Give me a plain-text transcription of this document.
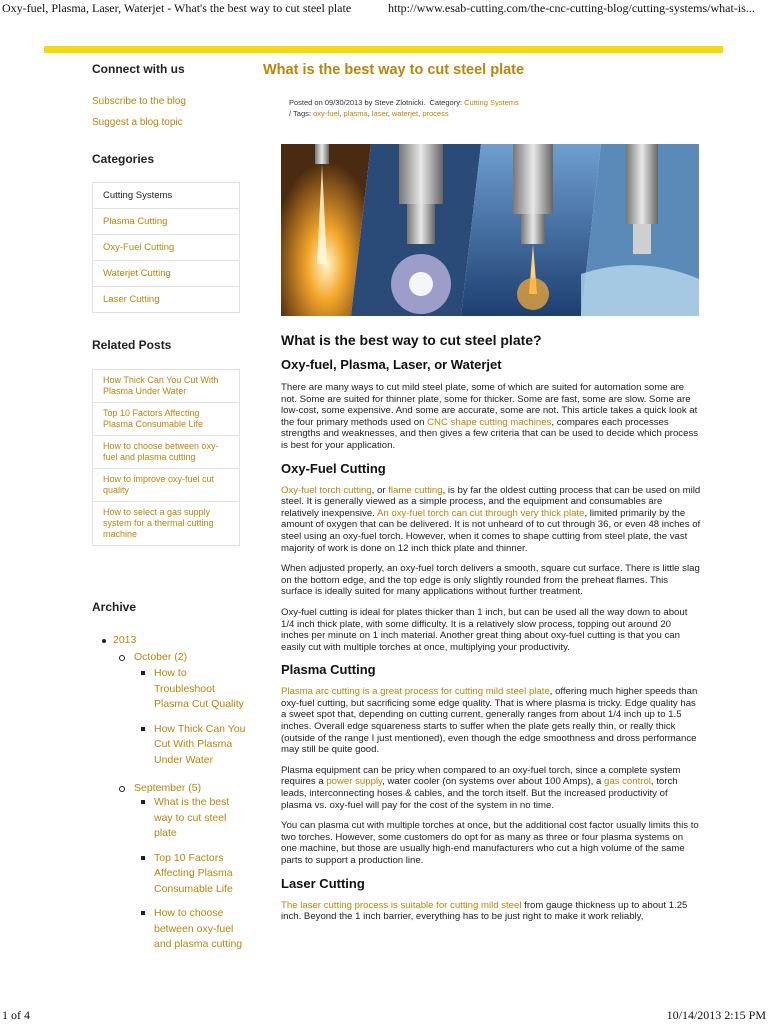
Oxy-fuel, Plasma, Laser, Waterjet - What's the best way to cut steel plate	http://www.esab-cutting.com/the-cnc-cutting-blog/cutting-systems/what-is...
Connect with us
Subscribe to the blog
Suggest a blog topic
Categories
Cutting Systems
Plasma Cutting
Oxy-Fuel Cutting
Waterjet Cutting
Laser Cutting
Related Posts
How Thick Can You Cut With Plasma Under Water
Top 10 Factors Affecting Plasma Consumable Life
How to choose between oxy-fuel and plasma cutting
How to improve oxy-fuel cut quality
How to select a gas supply system for a thermal cutting machine
Archive
2013
October (2)
How to Troubleshoot Plasma Cut Quality
How Thick Can You Cut With Plasma Under Water
September (5)
What is the best way to cut steel plate
Top 10 Factors Affecting Plasma Consumable Life
How to choose between oxy-fuel and plasma cutting
What is the best way to cut steel plate
Posted on 09/30/2013 by Steve Zlotnicki. Category: Cutting Systems
/ Tags: oxy-fuel, plasma, laser, waterjet, process
What is the best way to cut steel plate?
Oxy-fuel, Plasma, Laser, or Waterjet

There are many ways to cut mild steel plate, some of which are suited for automation some are not. Some are suited for thinner plate, some for thicker. Some are fast, some are slow. Some are low-cost, some expensive. And some are accurate, some are not. This article takes a quick look at the four primary methods used on CNC shape cutting machines, compares each processes strengths and weaknesses, and then gives a few criteria that can be used to decide which process is best for your application.

Oxy-Fuel Cutting

Oxy-fuel torch cutting, or flame cutting, is by far the oldest cutting process that can be used on mild steel. It is generally viewed as a simple process, and the equipment and consumables are relatively inexpensive. An oxy-fuel torch can cut through very thick plate, limited primarily by the amount of oxygen that can be delivered. It is not unheard of to cut through 36, or even 48 inches of steel using an oxy-fuel torch. However, when it comes to shape cutting from steel plate, the vast majority of work is done on 12 inch thick plate and thinner.

When adjusted properly, an oxy-fuel torch delivers a smooth, square cut surface. There is little slag on the bottom edge, and the top edge is only slightly rounded from the preheat flames. This surface is ideally suited for many applications without further treatment.

Oxy-fuel cutting is ideal for plates thicker than 1 inch, but can be used all the way down to about 1/4 inch thick plate, with some difficulty. It is a relatively slow process, topping out around 20 inches per minute on 1 inch material. Another great thing about oxy-fuel cutting is that you can easily cut with multiple torches at once, multiplying your productivity.

Plasma Cutting

Plasma arc cutting is a great process for cutting mild steel plate, offering much higher speeds than oxy-fuel cutting, but sacrificing some edge quality. That is where plasma is tricky. Edge quality has a sweet spot that, depending on cutting current, generally ranges from about 1/4 inch up to 1.5 inches. Overall edge squareness starts to suffer when the plate gets really thin, or really thick (outside of the range I just mentioned), even though the edge smoothness and dross performance may still be quite good.

Plasma equipment can be pricy when compared to an oxy-fuel torch, since a complete system requires a power supply, water cooler (on systems over about 100 Amps), a gas control, torch leads, interconnecting hoses & cables, and the torch itself. But the increased productivity of plasma vs. oxy-fuel will pay for the cost of the system in no time.

You can plasma cut with multiple torches at once, but the additional cost factor usually limits this to two torches. However, some customers do opt for as many as three or four plasma systems on one machine, but those are usually high-end manufacturers who cut a high volume of the same parts to support a production line.

Laser Cutting

The laser cutting process is suitable for cutting mild steel from gauge thickness up to about 1.25 inch. Beyond the 1 inch barrier, everything has to be just right to make it work reliably,

1 of 4	10/14/2013 2:15 PM
